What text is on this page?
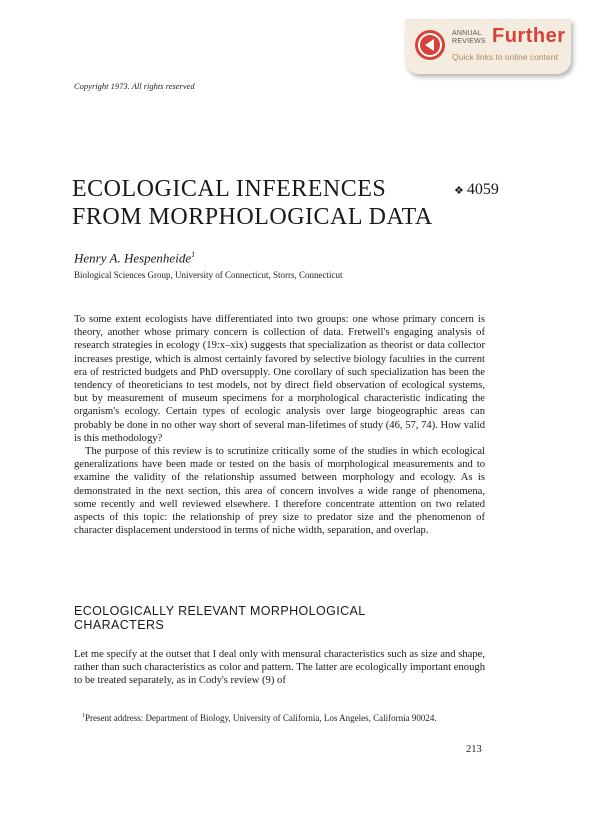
ANNUAL
REVIEWS Further
Quick links to online content
Copyright 1973. All rights reserved
ECOLOGICAL INFERENCES
FROM MORPHOLOGICAL DATA
❖ 4059
Henry A. Hespenheide$^1$
Biological Sciences Group, University of Connecticut, Storrs, Connecticut

To some extent ecologists have differentiated into two groups: one whose primary concern is theory, another whose primary concern is collection of data. Fretwell's engaging analysis of research strategies in ecology (19:x–xix) suggests that specialization as theorist or data collector increases prestige, which is almost certainly favored by selective biology faculties in the current era of restricted budgets and PhD oversupply. One corollary of such specialization has been the tendency of theoreticians to test models, not by direct field observation of ecological systems, but by measurement of museum specimens for a morphological characteristic indicating the organism's ecology. Certain types of ecologic analysis over large biogeographic areas can probably be done in no other way short of several man-lifetimes of study (46, 57, 74). How valid is this methodology?

The purpose of this review is to scrutinize critically some of the studies in which ecological generalizations have been made or tested on the basis of morphological measurements and to examine the validity of the relationship assumed between morphology and ecology. As is demonstrated in the next section, this area of concern involves a wide range of phenomena, some recently and well reviewed elsewhere. I therefore concentrate attention on two related aspects of this topic: the relationship of prey size to predator size and the phenomenon of character displacement understood in terms of niche width, separation, and overlap.

ECOLOGICALLY RELEVANT MORPHOLOGICAL
CHARACTERS

Let me specify at the outset that I deal only with mensural characteristics such as size and shape, rather than such characteristics as color and pattern. The latter are ecologically important enough to be treated separately, as in Cody's review (9) of

$^1$Present address: Department of Biology, University of California, Los Angeles, California 90024.

213
